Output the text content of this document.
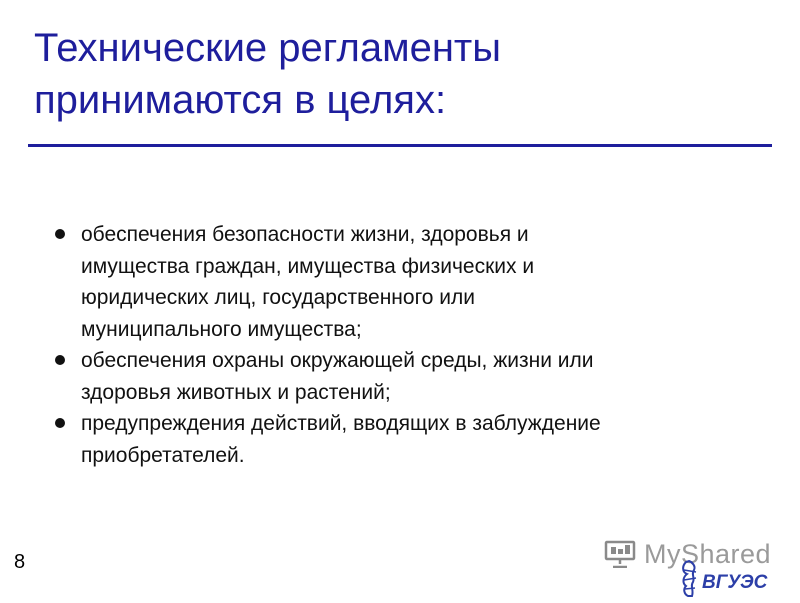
Технические регламенты
принимаются в целях:
обеспечения безопасности жизни, здоровья и
имущества граждан, имущества физических и
юридических лиц, государственного или
муниципального имущества;
обеспечения охраны окружающей среды, жизни или
здоровья животных и растений;
предупреждения действий, вводящих в заблуждение
приобретателей.
8	MyShared
ВГУЭС
